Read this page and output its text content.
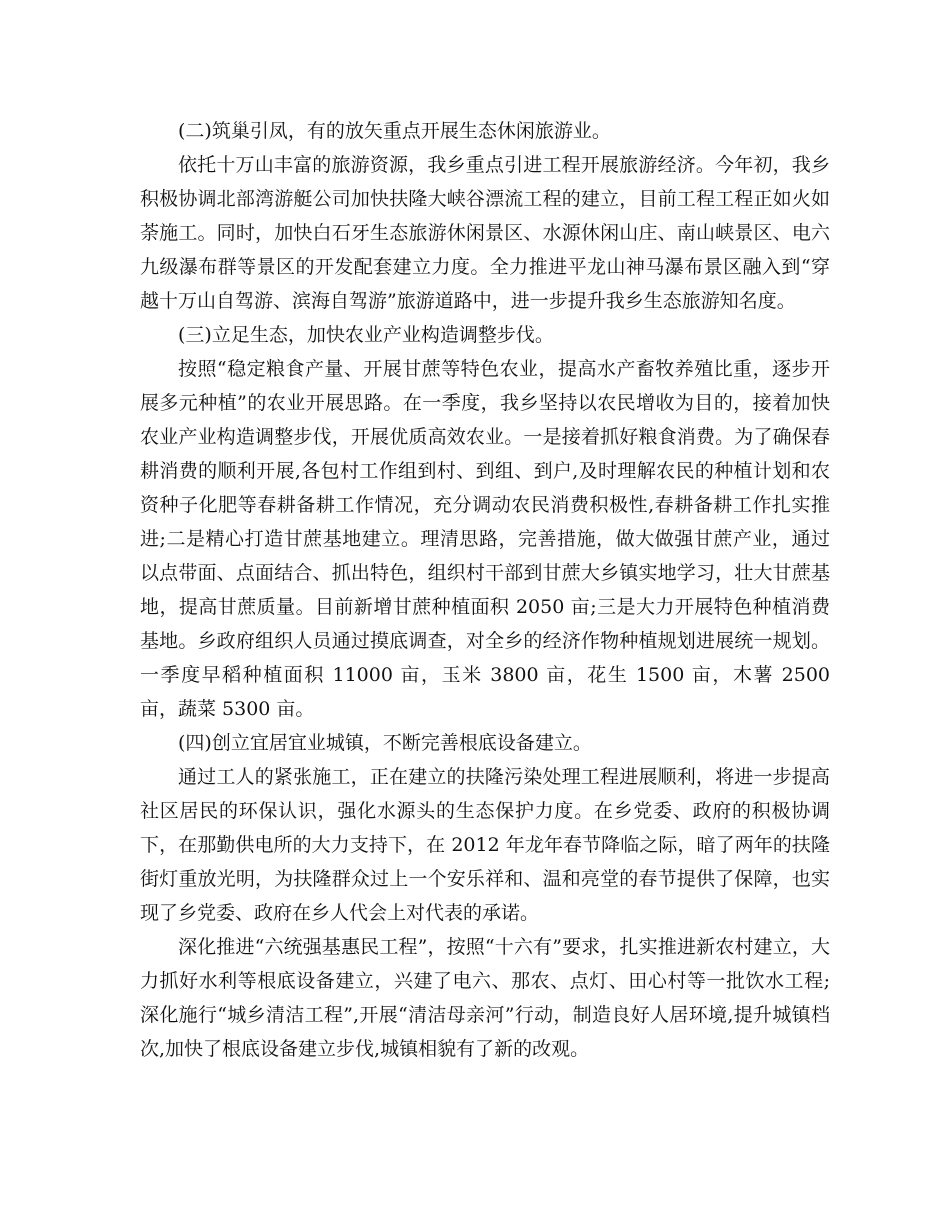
(二)筑巢引凤，有的放矢重点开展生态休闲旅游业。

依托十万山丰富的旅游资源，我乡重点引进工程开展旅游经济。今年初，我乡积极协调北部湾游艇公司加快扶隆大峡谷漂流工程的建立，目前工程工程正如火如荼施工。同时，加快白石牙生态旅游休闲景区、水源休闲山庄、南山峡景区、电六九级瀑布群等景区的开发配套建立力度。全力推进平龙山神马瀑布景区融入到“穿越十万山自驾游、滨海自驾游”旅游道路中，进一步提升我乡生态旅游知名度。

(三)立足生态，加快农业产业构造调整步伐。

按照“稳定粮食产量、开展甘蔗等特色农业，提高水产畜牧养殖比重，逐步开展多元种植”的农业开展思路。在一季度，我乡坚持以农民增收为目的，接着加快农业产业构造调整步伐，开展优质高效农业。一是接着抓好粮食消费。为了确保春耕消费的顺利开展,各包村工作组到村、到组、到户,及时理解农民的种植计划和农资种子化肥等春耕备耕工作情况，充分调动农民消费积极性,春耕备耕工作扎实推进;二是精心打造甘蔗基地建立。理清思路，完善措施，做大做强甘蔗产业，通过以点带面、点面结合、抓出特色，组织村干部到甘蔗大乡镇实地学习，壮大甘蔗基地，提高甘蔗质量。目前新增甘蔗种植面积 2050 亩;三是大力开展特色种植消费基地。乡政府组织人员通过摸底调查，对全乡的经济作物种植规划进展统一规划。一季度早稻种植面积 11000 亩，玉米 3800 亩，花生 1500 亩，木薯 2500 亩，蔬菜 5300 亩。

(四)创立宜居宜业城镇，不断完善根底设备建立。

通过工人的紧张施工，正在建立的扶隆污染处理工程进展顺利，将进一步提高社区居民的环保认识，强化水源头的生态保护力度。在乡党委、政府的积极协调下，在那勤供电所的大力支持下，在 2012 年龙年春节降临之际，暗了两年的扶隆街灯重放光明，为扶隆群众过上一个安乐祥和、温和亮堂的春节提供了保障，也实现了乡党委、政府在乡人代会上对代表的承诺。

深化推进“六统强基惠民工程”，按照“十六有”要求，扎实推进新农村建立，大力抓好水利等根底设备建立，兴建了电六、那农、点灯、田心村等一批饮水工程;深化施行“城乡清洁工程”,开展“清洁母亲河”行动，制造良好人居环境,提升城镇档次,加快了根底设备建立步伐,城镇相貌有了新的改观。
